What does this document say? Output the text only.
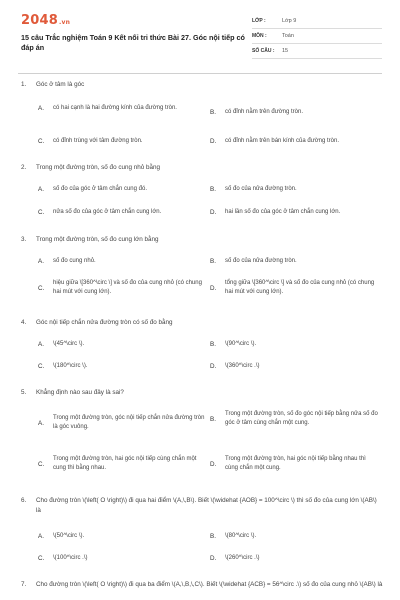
2048.vn
15 câu Trắc nghiệm Toán 9 Kết nối tri thức Bài 27. Góc nội tiếp có đáp án
LỚP :	Lớp 9
MÔN :	Toán
SỐ CÂU :	15
1.	Góc ở tâm là góc
A.	có hai cạnh là hai đường kính của đường tròn.
B.	có đỉnh nằm trên đường tròn.
C.	có đỉnh trùng với tâm đường tròn.	D.	có đỉnh nằm trên bán kính của đường tròn.
2.	Trong một đường tròn, số đo cung nhỏ bằng
A.	số đo của góc ở tâm chắn cung đó.	B.	số đo của nửa đường tròn.
C.	nửa số đo của góc ở tâm chắn cung lớn.	D.	hai lần số đo của góc ở tâm chắn cung lớn.
3.	Trong một đường tròn, số đo cung lớn bằng
A.	số đo cung nhỏ.	B.	số đo của nửa đường tròn.
C.
hiệu giữa \[360^\circ \] và số đo của cung nhỏ (có chung hai mút với cung lớn).
D.
tổng giữa \[360^\circ \] và số đo của cung nhỏ (có chung hai mút với cung lớn).
4.	Góc nội tiếp chắn nửa đường tròn có số đo bằng
A.	\(45^\circ \).	B.	\(90^\circ \).
C.	\(180^\circ \).	D.	\(360^\circ .\)
5.	Khẳng định nào sau đây là sai?
A.
Trong một đường tròn, góc nội tiếp chắn nửa đường tròn là góc vuông.
B.
Trong một đường tròn, số đo góc nội tiếp bằng nửa số đo góc ở tâm cùng chắn một cung.
C.
Trong một đường tròn, hai góc nội tiếp cùng chắn một cung thì bằng nhau.
D.
Trong một đường tròn, hai góc nội tiếp bằng nhau thì cùng chắn một cung.
6.	Cho đường tròn \(\left( O \right)\) đi qua hai điểm \(A,\,B\). Biết \(\widehat {AOB} = 100^\circ \) thì số đo của cung lớn \(AB\) là
A.	\(50^\circ \).	B.	\(80^\circ \).
C.	\(100^\circ .\)	D.	\(260^\circ .\)
7.	Cho đường tròn \(\left( O \right)\) đi qua ba điểm \(A,\,B,\,C\). Biết \(\widehat {ACB} = 56^\circ .\) số đo của cung nhỏ \(AB\) là
